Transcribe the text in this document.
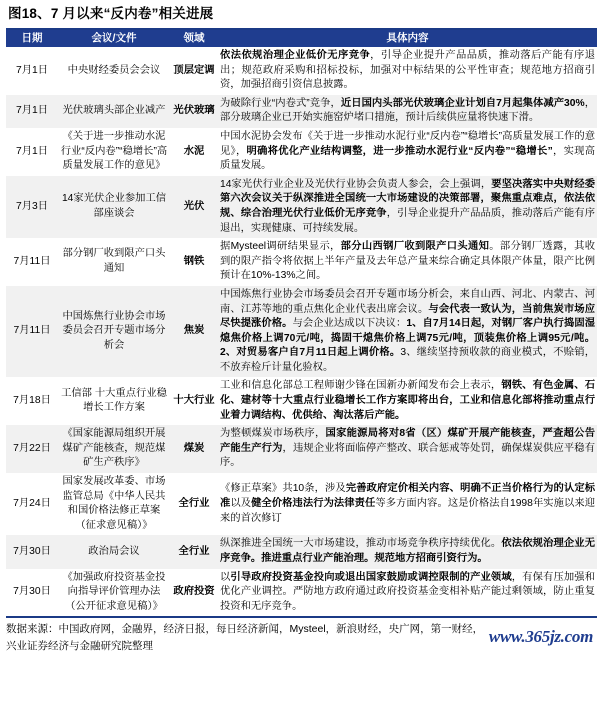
图18、7 月以来“反内卷”相关进展
日期	会议/文件	领域	具体内容
7月1日	中央财经委员会会议	顶层定调	依法依规治理企业低价无序竞争，引导企业提升产品品质，推动落后产能有序退出；规范政府采购和招标投标，加强对中标结果的公平性审查；规范地方招商引资，加强招商引资信息披露。
7月1日	光伏玻璃头部企业减产	光伏玻璃	为破除行业“内卷式”竞争，近日国内头部光伏玻璃企业计划自7月起集体减产30%，部分玻璃企业已开始实施窑炉堵口措施，预计后续供应量将快速下滑。
7月1日	《关于进一步推动水泥行业“反内卷”“稳增长”高质量发展工作的意见》	水泥	中国水泥协会发布《关于进一步推动水泥行业“反内卷”“稳增长”高质量发展工作的意见》，明确将优化产业结构调整，进一步推动水泥行业“反内卷”“稳增长”，实现高质量发展。
7月3日	14家光伏企业参加工信部座谈会	光伏	14家光伏行业企业及光伏行业协会负责人参会，会上强调，要坚决落实中央财经委第六次会议关于纵深推进全国统一大市场建设的决策部署，聚焦重点难点，依法依规、综合治理光伏行业低价无序竞争，引导企业提升产品品质，推动落后产能有序退出，实现健康、可持续发展。
7月11日	部分钢厂收到限产口头通知	钢铁	据Mysteel调研结果显示，部分山西钢厂收到限产口头通知。部分钢厂透露，其收到的限产指令将依据上半年产量及去年总产量来综合确定具体限产体量，限产比例预计在10%-13%之间。
7月11日	中国炼焦行业协会市场委员会召开专题市场分析会	焦炭	中国炼焦行业协会市场委员会召开专题市场分析会，来自山西、河北、内蒙古、河南、江苏等地的重点焦化企业代表出席会议。与会代表一致认为，当前焦炭市场应尽快提涨价格。与会企业达成以下决议：1、自7月14日起，对钢厂客户执行捣固湿熄焦价格上调70元/吨，捣固干熄焦价格上调75元/吨，顶装焦价格上调95元/吨。2、对贸易客户自7月11日起上调价格。3、继续坚持预收款的商业模式，不赊销，不放弃检斤计量化验权。
7月18日	工信部 十大重点行业稳增长工作方案	十大行业	工业和信息化部总工程师谢少锋在国新办新闻发布会上表示，钢铁、有色金属、石化、建材等十大重点行业稳增长工作方案即将出台，工业和信息化部将推动重点行业着力调结构、优供给、淘汰落后产能。
7月22日	《国家能源局组织开展煤矿产能核查，规范煤矿生产秩序》	煤炭	为整顿煤炭市场秩序，国家能源局将对8省（区）煤矿开展产能核查，严查超公告产能生产行为，违规企业将面临停产整改、联合惩戒等处罚，确保煤炭供应平稳有序。
7月24日	国家发展改革委、市场监管总局《中华人民共和国价格法修正草案（征求意见稿）》	全行业	《修正草案》共10条，涉及完善政府定价相关内容、明确不正当价格行为的认定标准以及健全价格违法行为法律责任等多方面内容。这是价格法自1998年实施以来迎来的首次修订
7月30日	政治局会议	全行业	纵深推进全国统一大市场建设，推动市场竞争秩序持续优化。依法依规治理企业无序竞争。推进重点行业产能治理。规范地方招商引资行为。
7月30日	《加强政府投资基金投向指导评价管理办法（公开征求意见稿）》	政府投资	以引导政府投资基金投向或退出国家鼓励或调控限制的产业领域，有保有压加强和优化产业调控。严防地方政府通过政府投资基金变相补贴产能过剩领域，防止重复投资和无序竞争。
数据来源：中国政府网，金融界，经济日报，每日经济新闻，Mysteel，新浪财经，央广网，第一财经，
兴业证券经济与金融研究院整理	www.365jz.com
